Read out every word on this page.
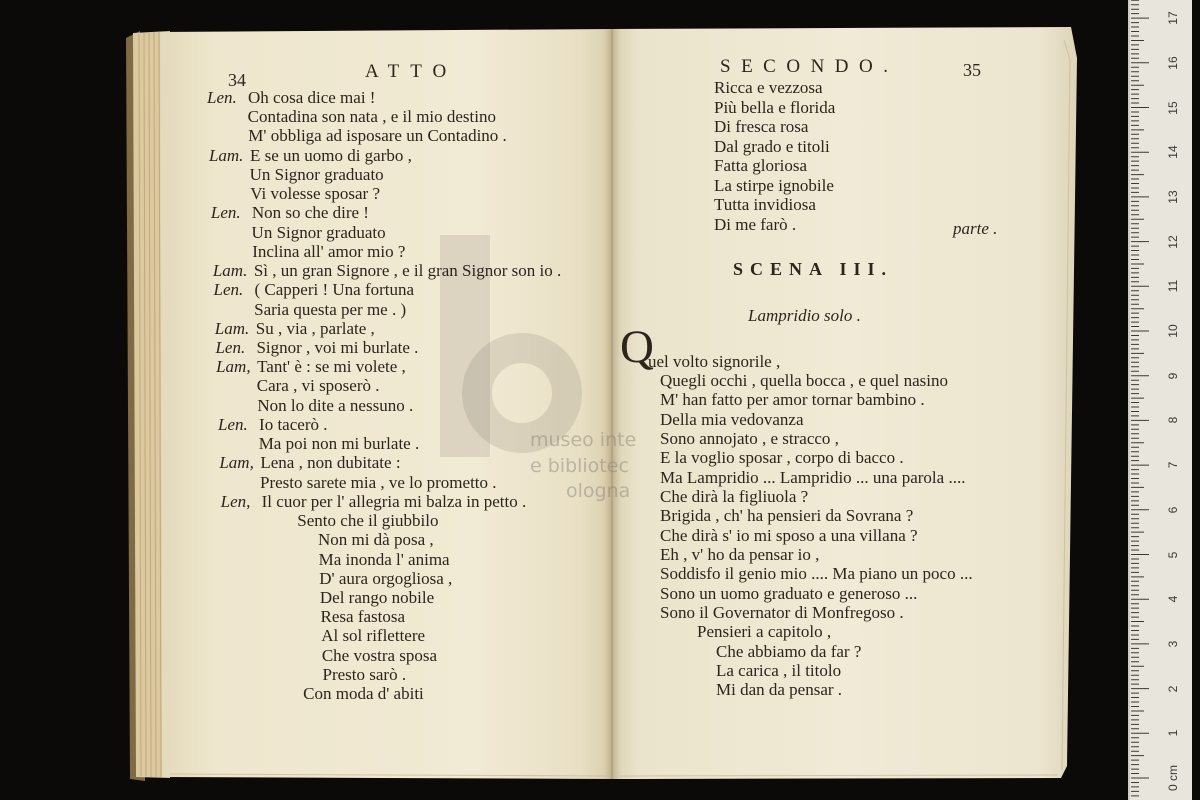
museo inte
e bibliotec
ologna
34	ATTO
Len. Oh cosa dice mai !
Contadina son nata , e il mio destino
M' obbliga ad isposare un Contadino .
Lam. E se un uomo di garbo ,
Un Signor graduato
Vi volesse sposar ?
Len. Non so che dire !
Un Signor graduato
Inclina all' amor mio ?
Lam. Sì , un gran Signore , e il gran Signor son io .
Len. ( Capperi ! Una fortuna
Saria questa per me . )
Lam. Su , via , parlate ,
Len. Signor , voi mi burlate .
Lam, Tant' è : se mi volete ,
Cara , vi sposerò .
Non lo dite a nessuno .
Len. Io tacerò .
Ma poi non mi burlate .
Lam, Lena , non dubitate :
Presto sarete mia , ve lo prometto .
Len, Il cuor per l' allegria mi balza in petto .
Sento che il giubbilo
Non mi dà posa ,
Ma inonda l' anima
D' aura orgogliosa ,
Del rango nobile
Resa fastosa
Al sol riflettere
Che vostra sposa
Presto sarò .
Con moda d' abiti
SECONDO.	35
Ricca e vezzosa
Più bella e florida
Di fresca rosa
Dal grado e titoli
Fatta gloriosa
La stirpe ignobile
Tutta invidiosa
Di me farò .	parte .
SCENA III.
Lampridio solo .
Q
uel volto signorile ,
Quegli occhi , quella bocca , e quel nasino
M' han fatto per amor tornar bambino .
Della mia vedovanza
Sono annojato , e stracco ,
E la voglio sposar , corpo di bacco .
Ma Lampridio ... Lampridio ... una parola ....
Che dirà la figliuola ?
Brigida , ch' ha pensieri da Sovrana ?
Che dirà s' io mi sposo a una villana ?
Eh , v' ho da pensar io ,
Soddisfo il genio mio .... Ma piano un poco ...
Sono un uomo graduato e generoso ...
Sono il Governator di Monfregoso .
Pensieri a capitolo ,
Che abbiamo da far ?
La carica , il titolo
Mi dan da pensar .
0 cm
1
2
3
4
5
6
7
8
9
10
11
12
13
14
15
16
17
